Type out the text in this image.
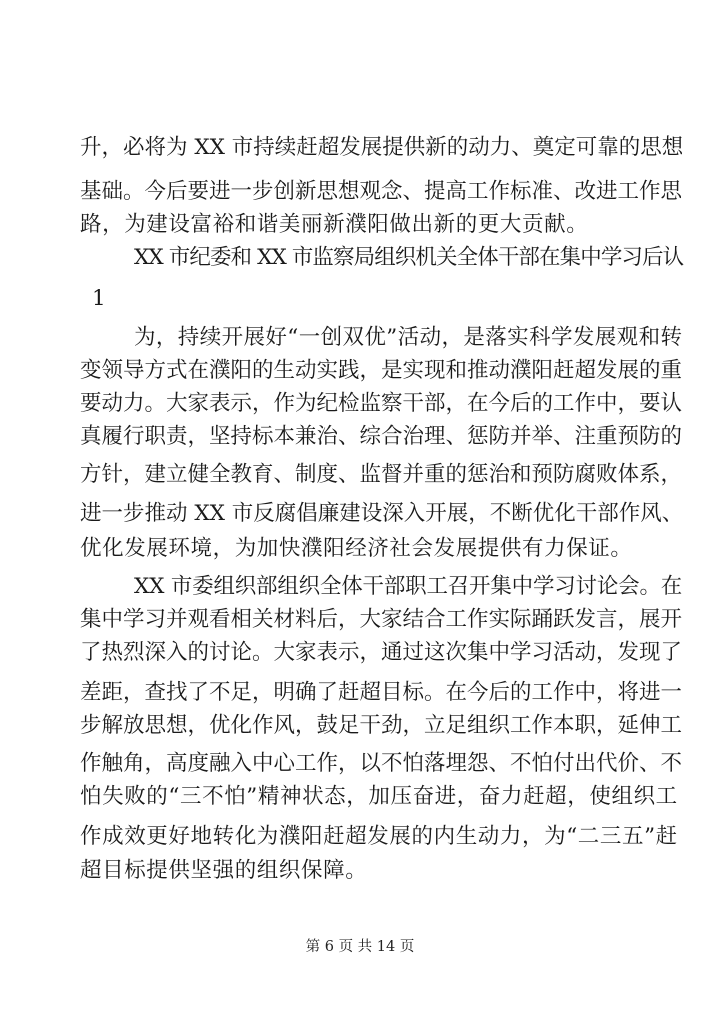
升，必将为 XX 市持续赶超发展提供新的动力、奠定可靠的思想
基础。今后要进一步创新思想观念、提高工作标准、改进工作思
路，为建设富裕和谐美丽新濮阳做出新的更大贡献。
XX 市纪委和 XX 市监察局组织机关全体干部在集中学习后认
1
为，持续开展好“一创双优”活动，是落实科学发展观和转
变领导方式在濮阳的生动实践，是实现和推动濮阳赶超发展的重
要动力。大家表示，作为纪检监察干部，在今后的工作中，要认
真履行职责，坚持标本兼治、综合治理、惩防并举、注重预防的
方针，建立健全教育、制度、监督并重的惩治和预防腐败体系，
进一步推动 XX 市反腐倡廉建设深入开展，不断优化干部作风、
优化发展环境，为加快濮阳经济社会发展提供有力保证。
XX 市委组织部组织全体干部职工召开集中学习讨论会。在
集中学习并观看相关材料后，大家结合工作实际踊跃发言，展开
了热烈深入的讨论。大家表示，通过这次集中学习活动，发现了
差距，查找了不足，明确了赶超目标。在今后的工作中，将进一
步解放思想，优化作风，鼓足干劲，立足组织工作本职，延伸工
作触角，高度融入中心工作，以不怕落埋怨、不怕付出代价、不
怕失败的“三不怕”精神状态，加压奋进，奋力赶超，使组织工
作成效更好地转化为濮阳赶超发展的内生动力，为“二三五”赶
超目标提供坚强的组织保障。
第 6 页 共 14 页
